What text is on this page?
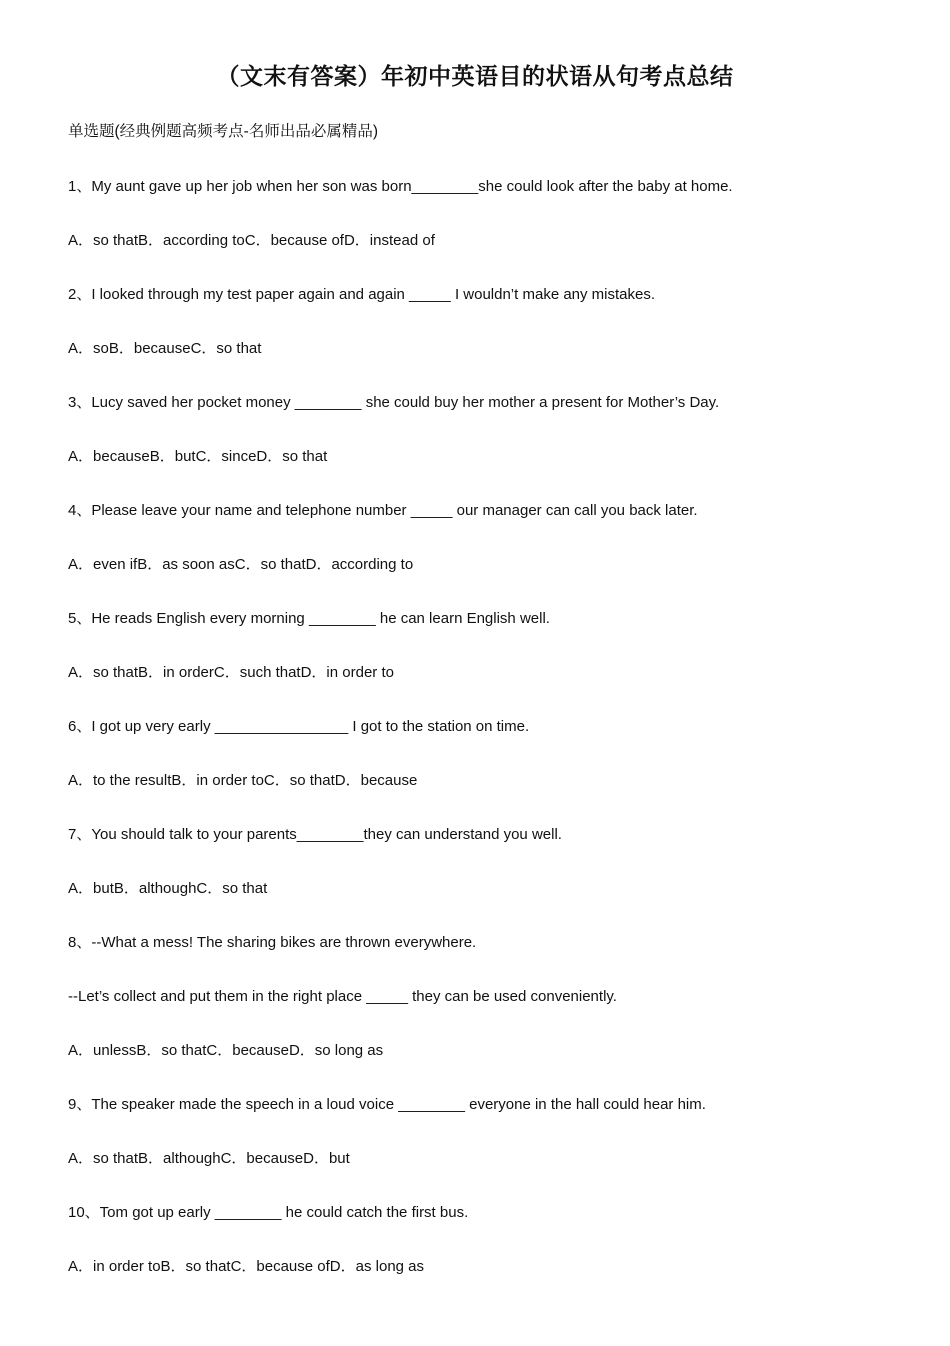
（文末有答案）年初中英语目的状语从句考点总结
单选题(经典例题高频考点-名师出品必属精品)
1、My aunt gave up her job when her son was born________she could look after the baby at home.
A．so thatB．according toC．because ofD．instead of
2、I looked through my test paper again and again _____ I wouldn’t make any mistakes.
A．soB．becauseC．so that
3、Lucy saved her pocket money ________ she could buy her mother a present for Mother’s Day.
A．becauseB．butC．sinceD．so that
4、Please leave your name and telephone number _____ our manager can call you back later.
A．even ifB．as soon asC．so thatD．according to
5、He reads English every morning ________ he can learn English well.
A．so thatB．in orderC．such thatD．in order to
6、I got up very early ________________ I got to the station on time.
A．to the resultB．in order toC．so thatD．because
7、You should talk to your parents________they can understand you well.
A．butB．althoughC．so that
8、--What a mess! The sharing bikes are thrown everywhere.
--Let’s collect and put them in the right place _____ they can be used conveniently.
A．unlessB．so thatC．becauseD．so long as
9、The speaker made the speech in a loud voice ________ everyone in the hall could hear him.
A．so thatB．althoughC．becauseD．but
10、Tom got up early ________ he could catch the first bus.
A．in order toB．so thatC．because ofD．as long as
